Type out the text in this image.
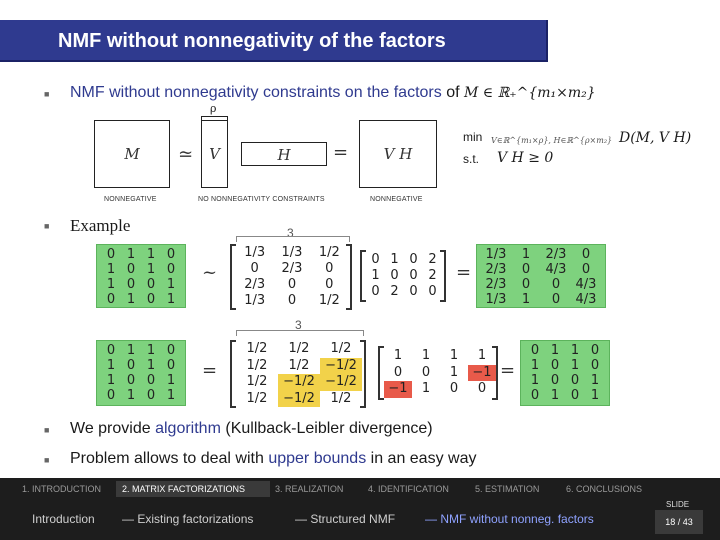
NMF without nonnegativity of the factors
■ NMF without nonnegativity constraints on the factors of M ∈ ℝ₊^{m₁×m₂}
ρ
M	≃	V	H	=	V H
NONNEGATIVE	NO NONNEGATIVITY CONSTRAINTS	NONNEGATIVE
min V∈ℝ^{m₁×ρ}, H∈ℝ^{ρ×m₂} D(M, V H)
s.t. V H ≥ 0
■ Example	3
0 1 1 0
1 0 1 0
1 0 0 1
0 1 0 1
~
1/3	1/3	1/2
0	2/3	0
2/3	0	0
1/3	0	1/2
0 1 0 2
1 0 0 2
0 2 0 0
=
1/3	1	2/3	0
2/3	0	4/3	0
2/3	0	0	4/3
1/3	1	0	4/3
3
0 1 1 0
1 0 1 0
1 0 0 1
0 1 0 1
=
1/2	1/2	1/2
1/2	1/2	−1/2
1/2	−1/2 −1/2
1/2	−1/2	1/2
1	1	1	1
0	0	1	−1
−1	1	0	0
=
0 1 1 0
1 0 1 0
1 0 0 1
0 1 0 1
■ We provide algorithm (Kullback-Leibler divergence)
■ Problem allows to deal with upper bounds in an easy way
1. INTRODUCTION 2. MATRIX FACTORIZATIONS	3. REALIZATION	4. IDENTIFICATION	5. ESTIMATION	6. CONCLUSIONS
Introduction — Existing factorizations	— Structured NMF — NMF without nonneg. factors
SLIDE
18 / 43
